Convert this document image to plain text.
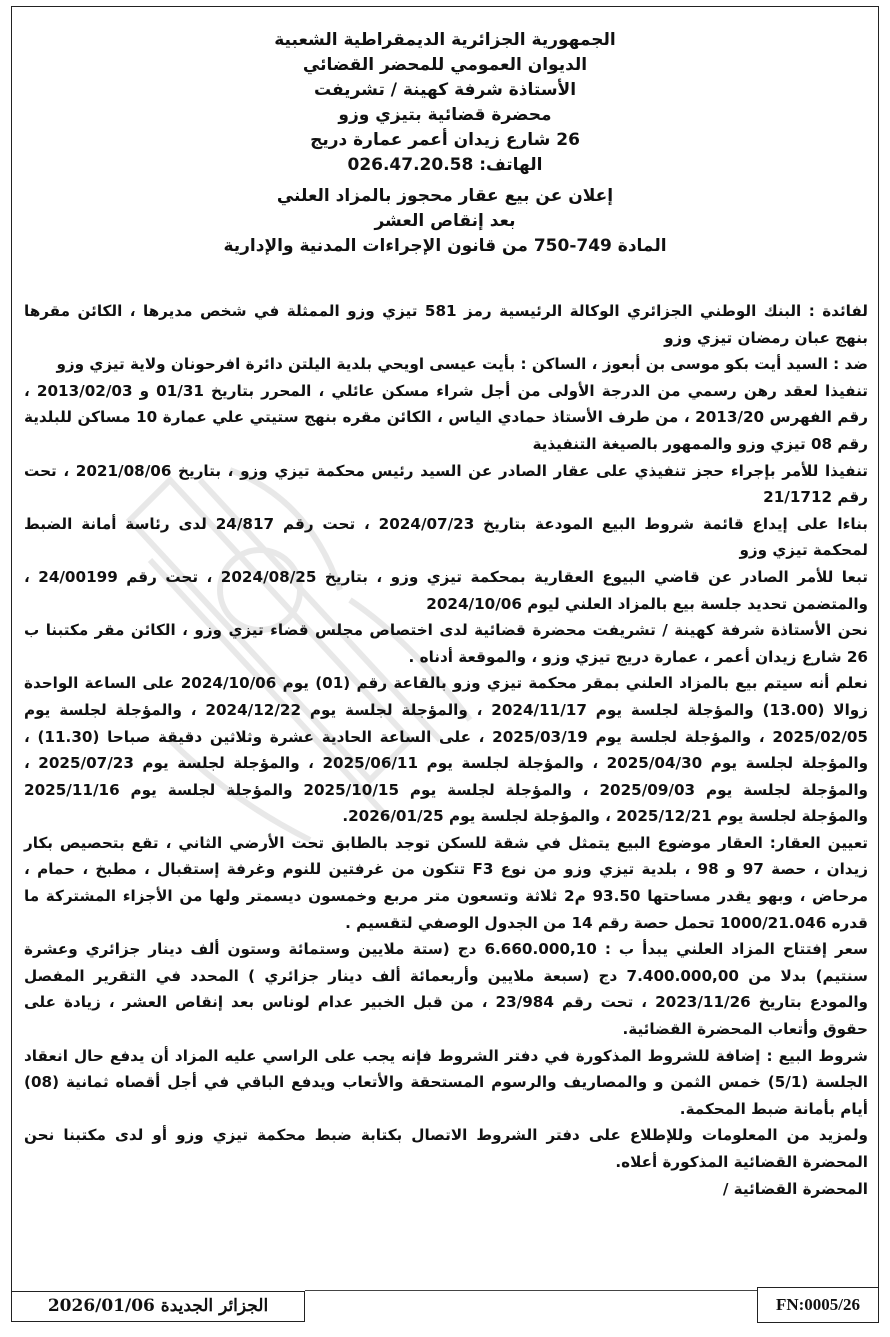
الجمهورية الجزائرية الديمقراطية الشعبية
الديوان العمومي للمحضر القضائي
الأستاذة شرفة كهينة / تشريفت
محضرة قضائية بتيزي وزو
26 شارع زيدان أعمر عمارة دريج
الهاتف: 026.47.20.58
إعلان عن بيع عقار محجوز بالمزاد العلني
بعد إنقاص العشر
المادة 749-750 من قانون الإجراءات المدنية والإدارية

لفائدة : البنك الوطني الجزائري الوكالة الرئيسية رمز 581 تيزي وزو الممثلة في شخص مديرها ، الكائن مقرها بنهج عبان رمضان تيزي وزو

ضد : السيد أيت بكو موسى بن أبعوز ، الساكن : بأيت عيسى اويحي بلدية اليلتن دائرة افرحونان ولاية تيزي وزو

تنفيذا لعقد رهن رسمي من الدرجة الأولى من أجل شراء مسكن عائلي ، المحرر بتاريخ 01/31 و 2013/02/03 ، رقم الفهرس 2013/20 ، من طرف الأستاذ حمادي الياس ، الكائن مقره بنهج ستيتي علي عمارة 10 مساكن للبلدية رقم 08 تيزي وزو والممهور بالصيغة التنفيذية

تنفيذا للأمر بإجراء حجز تنفيذي على عقار الصادر عن السيد رئيس محكمة تيزي وزو ، بتاريخ 2021/08/06 ، تحت رقم 21/1712

بناءا على إيداع قائمة شروط البيع المودعة بتاريخ 2024/07/23 ، تحت رقم 24/817 لدى رئاسة أمانة الضبط لمحكمة تيزي وزو

تبعا للأمر الصادر عن قاضي البيوع العقارية بمحكمة تيزي وزو ، بتاريخ 2024/08/25 ، تحت رقم 24/00199 ، والمتضمن تحديد جلسة بيع بالمزاد العلني ليوم 2024/10/06

نحن الأستاذة شرفة كهينة / تشريفت محضرة قضائية لدى اختصاص مجلس قضاء تيزي وزو ، الكائن مقر مكتبنا ب 26 شارع زيدان أعمر ، عمارة دريج تيزي وزو ، والموقعة أدناه .

نعلم أنه سيتم بيع بالمزاد العلني بمقر محكمة تيزي وزو بالقاعة رقم (01) يوم 2024/10/06 على الساعة الواحدة زوالا (13.00) والمؤجلة لجلسة يوم 2024/11/17 ، والمؤجلة لجلسة يوم 2024/12/22 ، والمؤجلة لجلسة يوم 2025/02/05 ، والمؤجلة لجلسة يوم 2025/03/19 ، على الساعة الحادية عشرة وثلاثين دقيقة صباحا (11.30) ، والمؤجلة لجلسة يوم 2025/04/30 ، والمؤجلة لجلسة يوم 2025/06/11 ، والمؤجلة لجلسة يوم 2025/07/23 ، والمؤجلة لجلسة يوم 2025/09/03 ، والمؤجلة لجلسة يوم 2025/10/15 والمؤجلة لجلسة يوم 2025/11/16 والمؤجلة لجلسة يوم 2025/12/21 ، والمؤجلة لجلسة يوم 2026/01/25.

تعيين العقار: العقار موضوع البيع يتمثل في شقة للسكن توجد بالطابق تحت الأرضي الثاني ، تقع بتحصيص بكار زيدان ، حصة 97 و 98 ، بلدية تيزي وزو من نوع F3 تتكون من غرفتين للنوم وغرفة إستقبال ، مطبخ ، حمام ، مرحاض ، وبهو يقدر مساحتها 93.50 م2 ثلاثة وتسعون متر مربع وخمسون ديسمتر ولها من الأجزاء المشتركة ما قدره 1000/21.046 تحمل حصة رقم 14 من الجدول الوصفي لتقسيم .

سعر إفتتاح المزاد العلني يبدأ ب : 6.660.000,10 دج (ستة ملايين وستمائة وستون ألف دينار جزائري وعشرة سنتيم) بدلا من 7.400.000,00 دج (سبعة ملايين وأربعمائة ألف دينار جزائري ) المحدد في التقرير المفصل والمودع بتاريخ 2023/11/26 ، تحت رقم 23/984 ، من قبل الخبير عدام لوناس بعد إنقاص العشر ، زيادة على حقوق وأتعاب المحضرة القضائية.

شروط البيع : إضافة للشروط المذكورة في دفتر الشروط فإنه يجب على الراسي عليه المزاد أن يدفع حال انعقاد الجلسة (5/1) خمس الثمن و والمصاريف والرسوم المستحقة والأتعاب ويدفع الباقي في أجل أقصاه ثمانية (08) أيام بأمانة ضبط المحكمة.

ولمزيد من المعلومات وللإطلاع على دفتر الشروط الاتصال بكتابة ضبط محكمة تيزي وزو أو لدى مكتبنا نحن المحضرة القضائية المذكورة أعلاه.

المحضرة القضائية /

الجزائر الجديدة 2026/01/06	FN:0005/26
